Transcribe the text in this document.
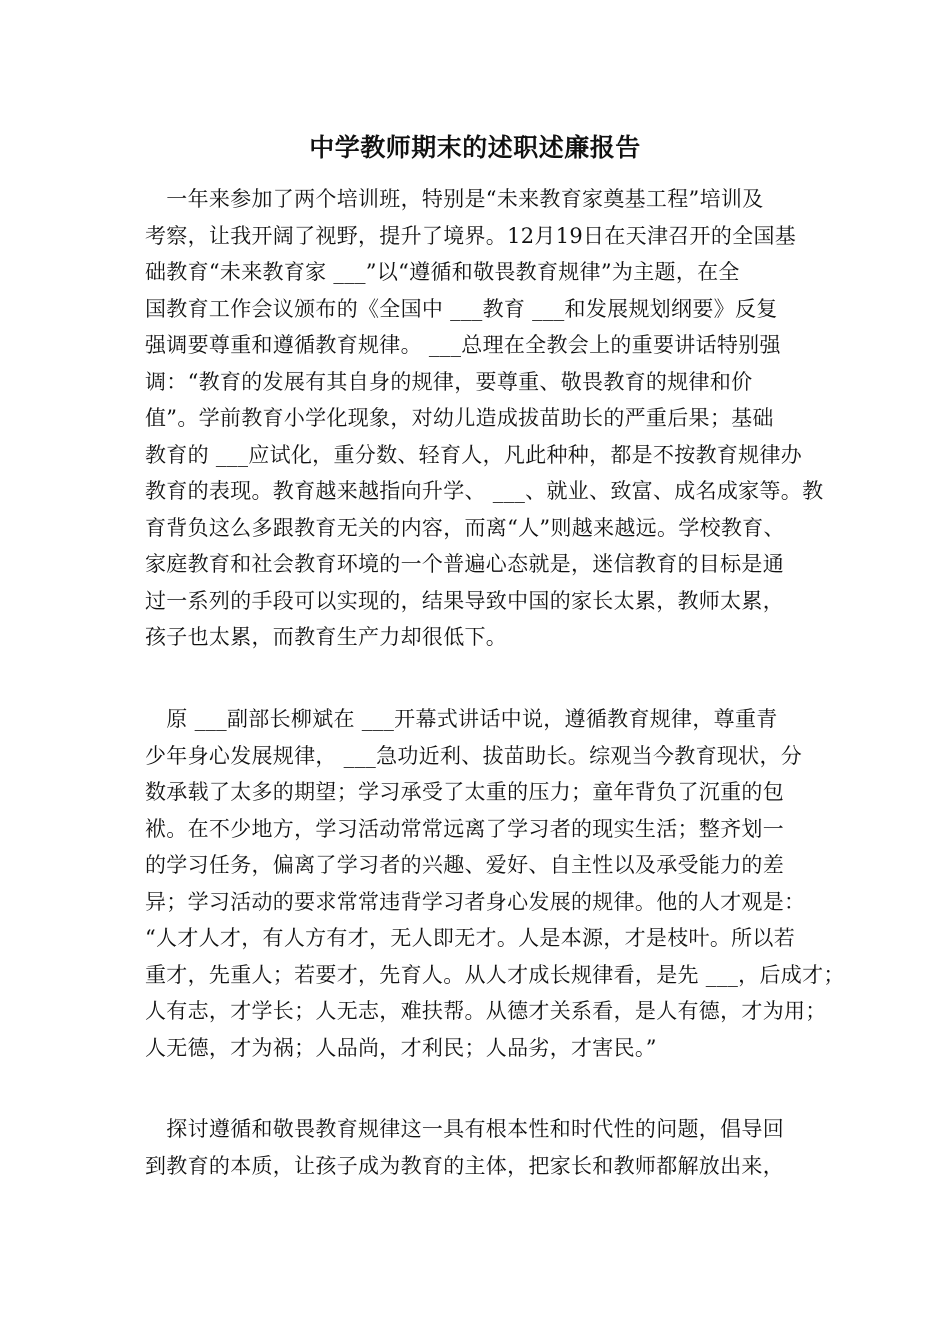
中学教师期末的述职述廉报告
　一年来参加了两个培训班，特别是“未来教育家奠基工程”培训及
考察，让我开阔了视野，提升了境界。12月19日在天津召开的全国基
础教育“未来教育家 ___”以“遵循和敬畏教育规律”为主题，在全
国教育工作会议颁布的《全国中 ___教育 ___和发展规划纲要》反复
强调要尊重和遵循教育规律。 ___总理在全教会上的重要讲话特别强
调：“教育的发展有其自身的规律，要尊重、敬畏教育的规律和价
值”。学前教育小学化现象，对幼儿造成拔苗助长的严重后果；基础
教育的 ___应试化，重分数、轻育人，凡此种种，都是不按教育规律办
教育的表现。教育越来越指向升学、 ___、就业、致富、成名成家等。教
育背负这么多跟教育无关的内容，而离“人”则越来越远。学校教育、
家庭教育和社会教育环境的一个普遍心态就是，迷信教育的目标是通
过一系列的手段可以实现的，结果导致中国的家长太累，教师太累，
孩子也太累，而教育生产力却很低下。
　原 ___副部长柳斌在 ___开幕式讲话中说，遵循教育规律，尊重青
少年身心发展规律， ___急功近利、拔苗助长。综观当今教育现状，分
数承载了太多的期望；学习承受了太重的压力；童年背负了沉重的包
袱。在不少地方，学习活动常常远离了学习者的现实生活；整齐划一
的学习任务，偏离了学习者的兴趣、爱好、自主性以及承受能力的差
异；学习活动的要求常常违背学习者身心发展的规律。他的人才观是：
“人才人才，有人方有才，无人即无才。人是本源，才是枝叶。所以若
重才，先重人；若要才，先育人。从人才成长规律看，是先 ___，后成才；
人有志，才学长；人无志，难扶帮。从德才关系看，是人有德，才为用；
人无德，才为祸；人品尚，才利民；人品劣，才害民。”
　探讨遵循和敬畏教育规律这一具有根本性和时代性的问题，倡导回
到教育的本质，让孩子成为教育的主体，把家长和教师都解放出来，
